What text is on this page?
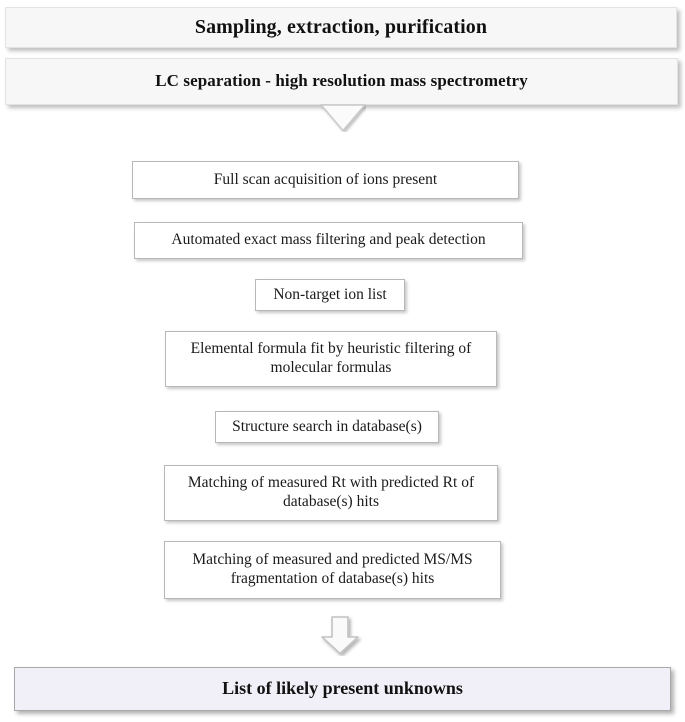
Sampling, extraction, purification
LC separation - high resolution mass spectrometry
Full scan acquisition of ions present
Automated exact mass filtering and peak detection
Non-target ion list
Elemental formula fit by heuristic filtering of molecular formulas
Structure search in database(s)
Matching of measured Rt with predicted Rt of database(s) hits
Matching of measured and predicted MS/MS fragmentation of database(s) hits
List of likely present unknowns
